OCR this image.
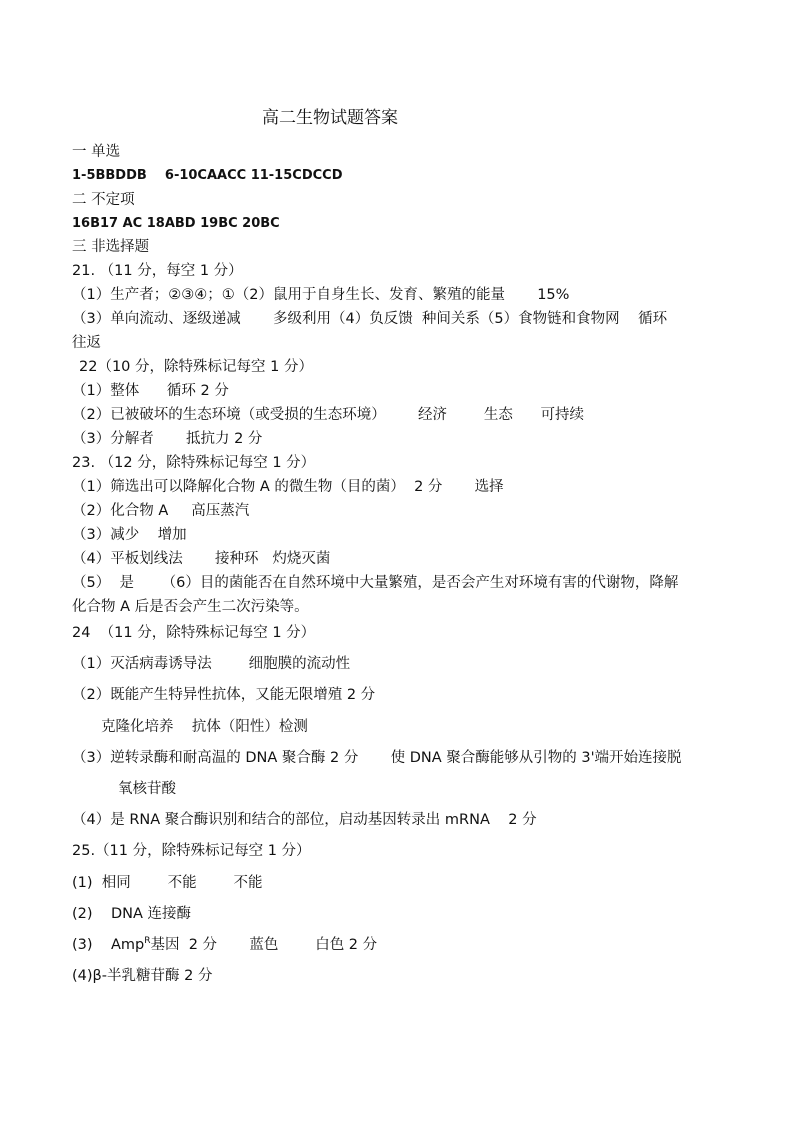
高二生物试题答案
一 单选
1-5BBDDB    6-10CAACC 11-15CDCCD
二 不定项
16B17 AC 18ABD 19BC 20BC
三 非选择题
21. （11 分，每空 1 分）
（1）生产者；②③④；①（2）鼠用于自身生长、发育、繁殖的能量       15%
（3）单向流动、逐级递减       多级利用（4）负反馈  种间关系（5）食物链和食物网    循环
往返
22（10 分，除特殊标记每空 1 分）
（1）整体      循环 2 分
（2）已被破坏的生态环境（或受损的生态环境）       经济        生态      可持续
（3）分解者       抵抗力 2 分
23. （12 分，除特殊标记每空 1 分）
（1）筛选出可以降解化合物 A 的微生物（目的菌）  2 分       选择
（2）化合物 A     高压蒸汽
（3）减少    增加
（4）平板划线法       接种环   灼烧灭菌
（5）  是      （6）目的菌能否在自然环境中大量繁殖，是否会产生对环境有害的代谢物，降解
化合物 A 后是否会产生二次污染等。
24  （11 分，除特殊标记每空 1 分）
（1）灭活病毒诱导法        细胞膜的流动性
（2）既能产生特异性抗体，又能无限增殖 2 分
克隆化培养    抗体（阳性）检测
（3）逆转录酶和耐高温的 DNA 聚合酶 2 分       使 DNA 聚合酶能够从引物的 3'端开始连接脱
氧核苷酸
（4）是 RNA 聚合酶识别和结合的部位，启动基因转录出 mRNA    2 分
25.（11 分，除特殊标记每空 1 分）
(1)  相同        不能        不能
(2)    DNA 连接酶
(3)    Amp$^R$基因  2 分       蓝色        白色 2 分
(4)β-半乳糖苷酶 2 分
